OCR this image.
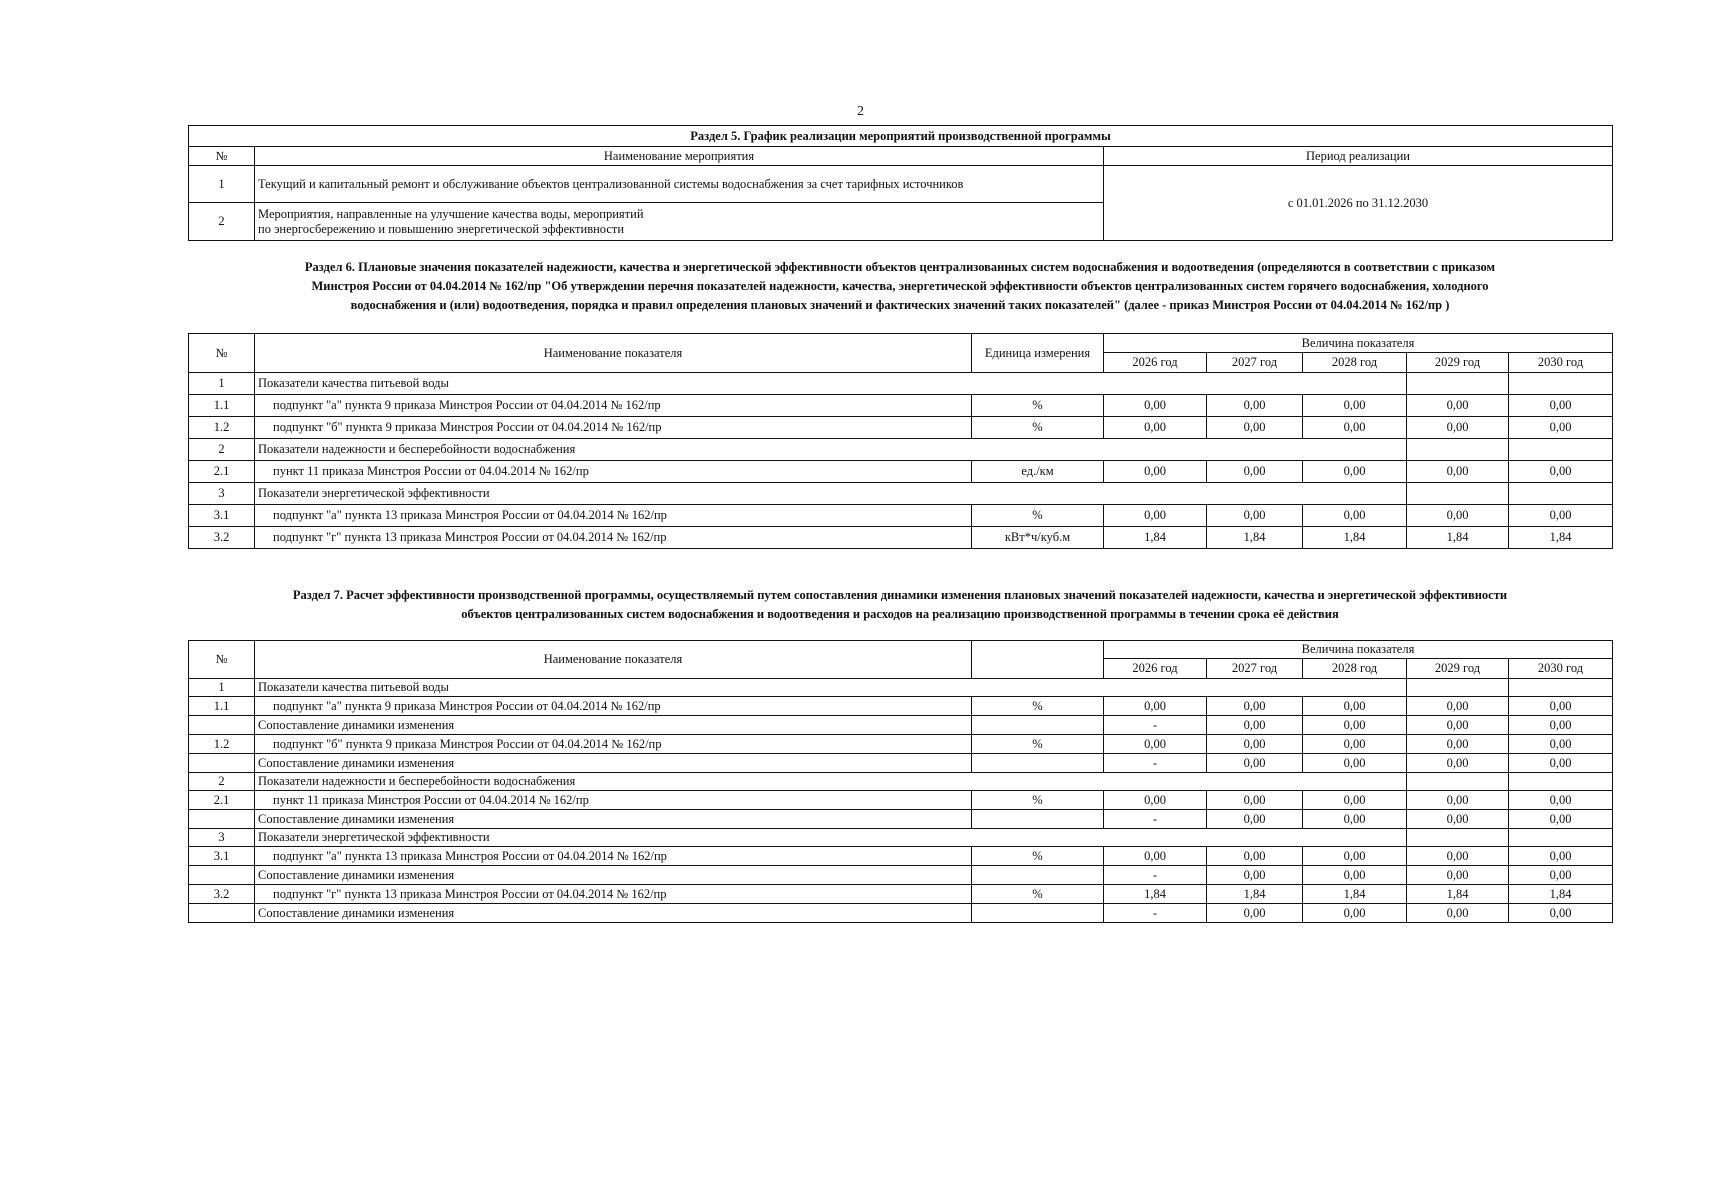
2
Раздел 5. График реализации мероприятий производственной программы		
№	Наименование мероприятия	Период реализации
1	Текущий и капитальный ремонт и обслуживание объектов централизованной системы водоснабжения за счет тарифных источников	с 01.01.2026 по 31.12.2030
2	Мероприятия, направленные на улучшение качества воды, мероприятий
по энергосбережению и повышению энергетической эффективности	
Раздел 6. Плановые значения показателей надежности, качества и энергетической эффективности объектов централизованных систем водоснабжения и водоотведения (определяются в соответствии с приказом
Минстроя России от 04.04.2014 № 162/пр "Об утверждении перечня показателей надежности, качества, энергетической эффективности объектов централизованных систем горячего водоснабжения, холодного
водоснабжения и (или) водоотведения, порядка и правил определения плановых значений и фактических значений таких показателей" (далее - приказ Минстроя России от 04.04.2014 № 162/пр )
№	Наименование показателя	Единица измерения	Величина показателя				
			2026 год	2027 год	2028 год	2029 год	2030 год
1	Показатели качества питьевой воды						
1.1	подпункт "а" пункта 9 приказа Минстроя России от 04.04.2014 № 162/пр	%	0,00	0,00	0,00	0,00	0,00
1.2	подпункт "б" пункта 9 приказа Минстроя России от 04.04.2014 № 162/пр	%	0,00	0,00	0,00	0,00	0,00
2	Показатели надежности и бесперебойности водоснабжения						
2.1	пункт 11 приказа Минстроя России от 04.04.2014 № 162/пр	ед./км	0,00	0,00	0,00	0,00	0,00
3	Показатели энергетической эффективности						
3.1	подпункт "а" пункта 13 приказа Минстроя России от 04.04.2014 № 162/пр	%	0,00	0,00	0,00	0,00	0,00
3.2	подпункт "г" пункта 13 приказа Минстроя России от 04.04.2014 № 162/пр	кВт*ч/куб.м	1,84	1,84	1,84	1,84	1,84
Раздел 7. Расчет эффективности производственной программы, осуществляемый путем сопоставления динамики изменения плановых значений показателей надежности, качества и энергетической эффективности
объектов централизованных систем водоснабжения и водоотведения и расходов на реализацию производственной программы в течении срока её действия
№	Наименование показателя		Величина показателя				
			2026 год	2027 год	2028 год	2029 год	2030 год
1	Показатели качества питьевой воды						
1.1	подпункт "а" пункта 9 приказа Минстроя России от 04.04.2014 № 162/пр	%	0,00	0,00	0,00	0,00	0,00
	Сопоставление динамики изменения		-	0,00	0,00	0,00	0,00
1.2	подпункт "б" пункта 9 приказа Минстроя России от 04.04.2014 № 162/пр	%	0,00	0,00	0,00	0,00	0,00
	Сопоставление динамики изменения		-	0,00	0,00	0,00	0,00
2	Показатели надежности и бесперебойности водоснабжения						
2.1	пункт 11 приказа Минстроя России от 04.04.2014 № 162/пр	%	0,00	0,00	0,00	0,00	0,00
	Сопоставление динамики изменения		-	0,00	0,00	0,00	0,00
3	Показатели энергетической эффективности						
3.1	подпункт "а" пункта 13 приказа Минстроя России от 04.04.2014 № 162/пр	%	0,00	0,00	0,00	0,00	0,00
	Сопоставление динамики изменения		-	0,00	0,00	0,00	0,00
3.2	подпункт "г" пункта 13 приказа Минстроя России от 04.04.2014 № 162/пр	%	1,84	1,84	1,84	1,84	1,84
	Сопоставление динамики изменения		-	0,00	0,00	0,00	0,00
